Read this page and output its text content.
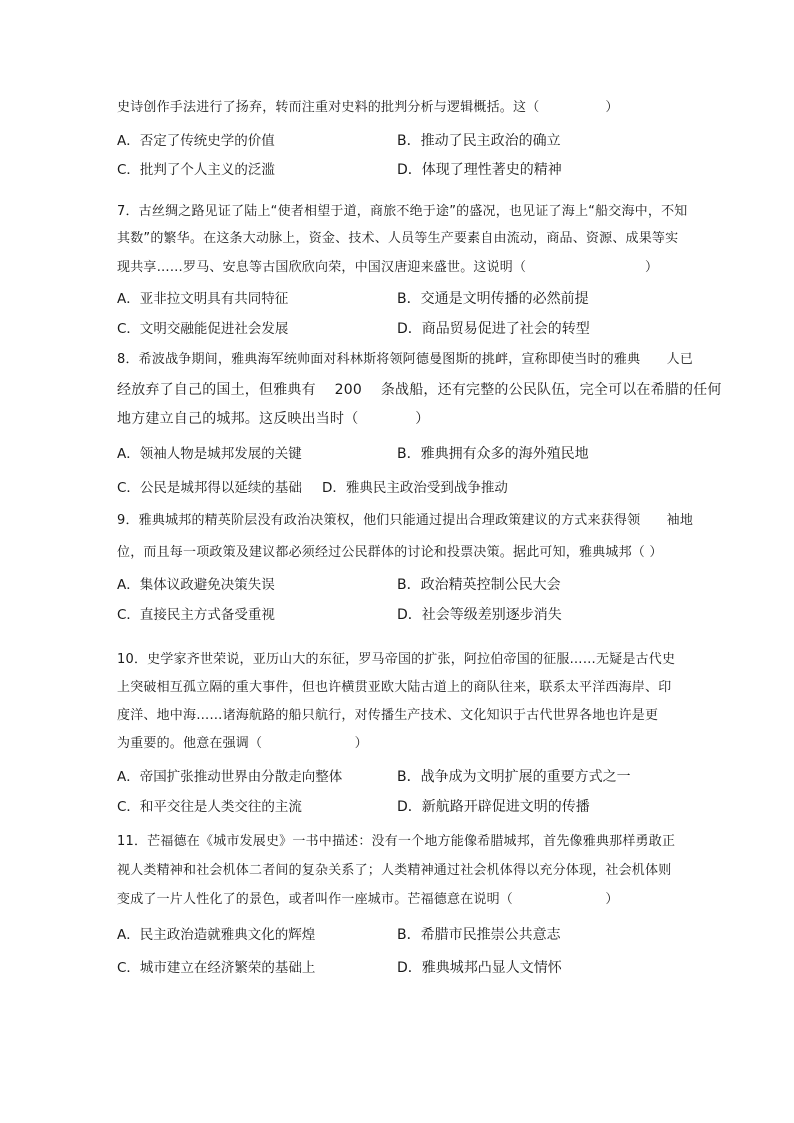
史诗创作手法进行了扬弃，转而注重对史料的批判分析与逻辑概括。这（　　　　　）
A．否定了传统史学的价值	B．推动了民主政治的确立
C．批判了个人主义的泛滥	D．体现了理性著史的精神
7．古丝绸之路见证了陆上“使者相望于道，商旅不绝于途”的盛况，也见证了海上“船交海中，不知
其数”的繁华。在这条大动脉上，资金、技术、人员等生产要素自由流动，商品、资源、成果等实
现共享……罗马、安息等古国欣欣向荣，中国汉唐迎来盛世。这说明（　　　　　　　　　）
A．亚非拉文明具有共同特征	B．交通是文明传播的必然前提
C．文明交融能促进社会发展	D．商品贸易促进了社会的转型
8．希波战争期间，雅典海军统帅面对科林斯将领阿德曼图斯的挑衅，宣称即使当时的雅典　　人已
经放弃了自己的国土，但雅典有　 200　 条战船，还有完整的公民队伍，完全可以在希腊的任何
地方建立自己的城邦。这反映出当时（　　　　）
A．领袖人物是城邦发展的关键	B．雅典拥有众多的海外殖民地
C．公民是城邦得以延续的基础 D．雅典民主政治受到战争推动
9．雅典城邦的精英阶层没有政治决策权，他们只能通过提出合理政策建议的方式来获得领　　袖地
位，而且每一项政策及建议都必须经过公民群体的讨论和投票决策。据此可知，雅典城邦（ ）
A．集体议政避免决策失误	B．政治精英控制公民大会
C．直接民主方式备受重视	D．社会等级差别逐步消失
10．史学家齐世荣说，亚历山大的东征，罗马帝国的扩张，阿拉伯帝国的征服……无疑是古代史
上突破相互孤立隔的重大事件，但也许横贯亚欧大陆古道上的商队往来，联系太平洋西海岸、印
度洋、地中海……诸海航路的船只航行，对传播生产技术、文化知识于古代世界各地也许是更
为重要的。他意在强调（　　　　　　　）
A．帝国扩张推动世界由分散走向整体	B．战争成为文明扩展的重要方式之一
C．和平交往是人类交往的主流	D．新航路开辟促进文明的传播
11．芒福德在《城市发展史》一书中描述：没有一个地方能像希腊城邦，首先像雅典那样勇敢正
视人类精神和社会机体二者间的复杂关系了；人类精神通过社会机体得以充分体现，社会机体则
变成了一片人性化了的景色，或者叫作一座城市。芒福德意在说明（　　　　　　　）
A．民主政治造就雅典文化的辉煌	B．希腊市民推崇公共意志
C．城市建立在经济繁荣的基础上	D．雅典城邦凸显人文情怀
